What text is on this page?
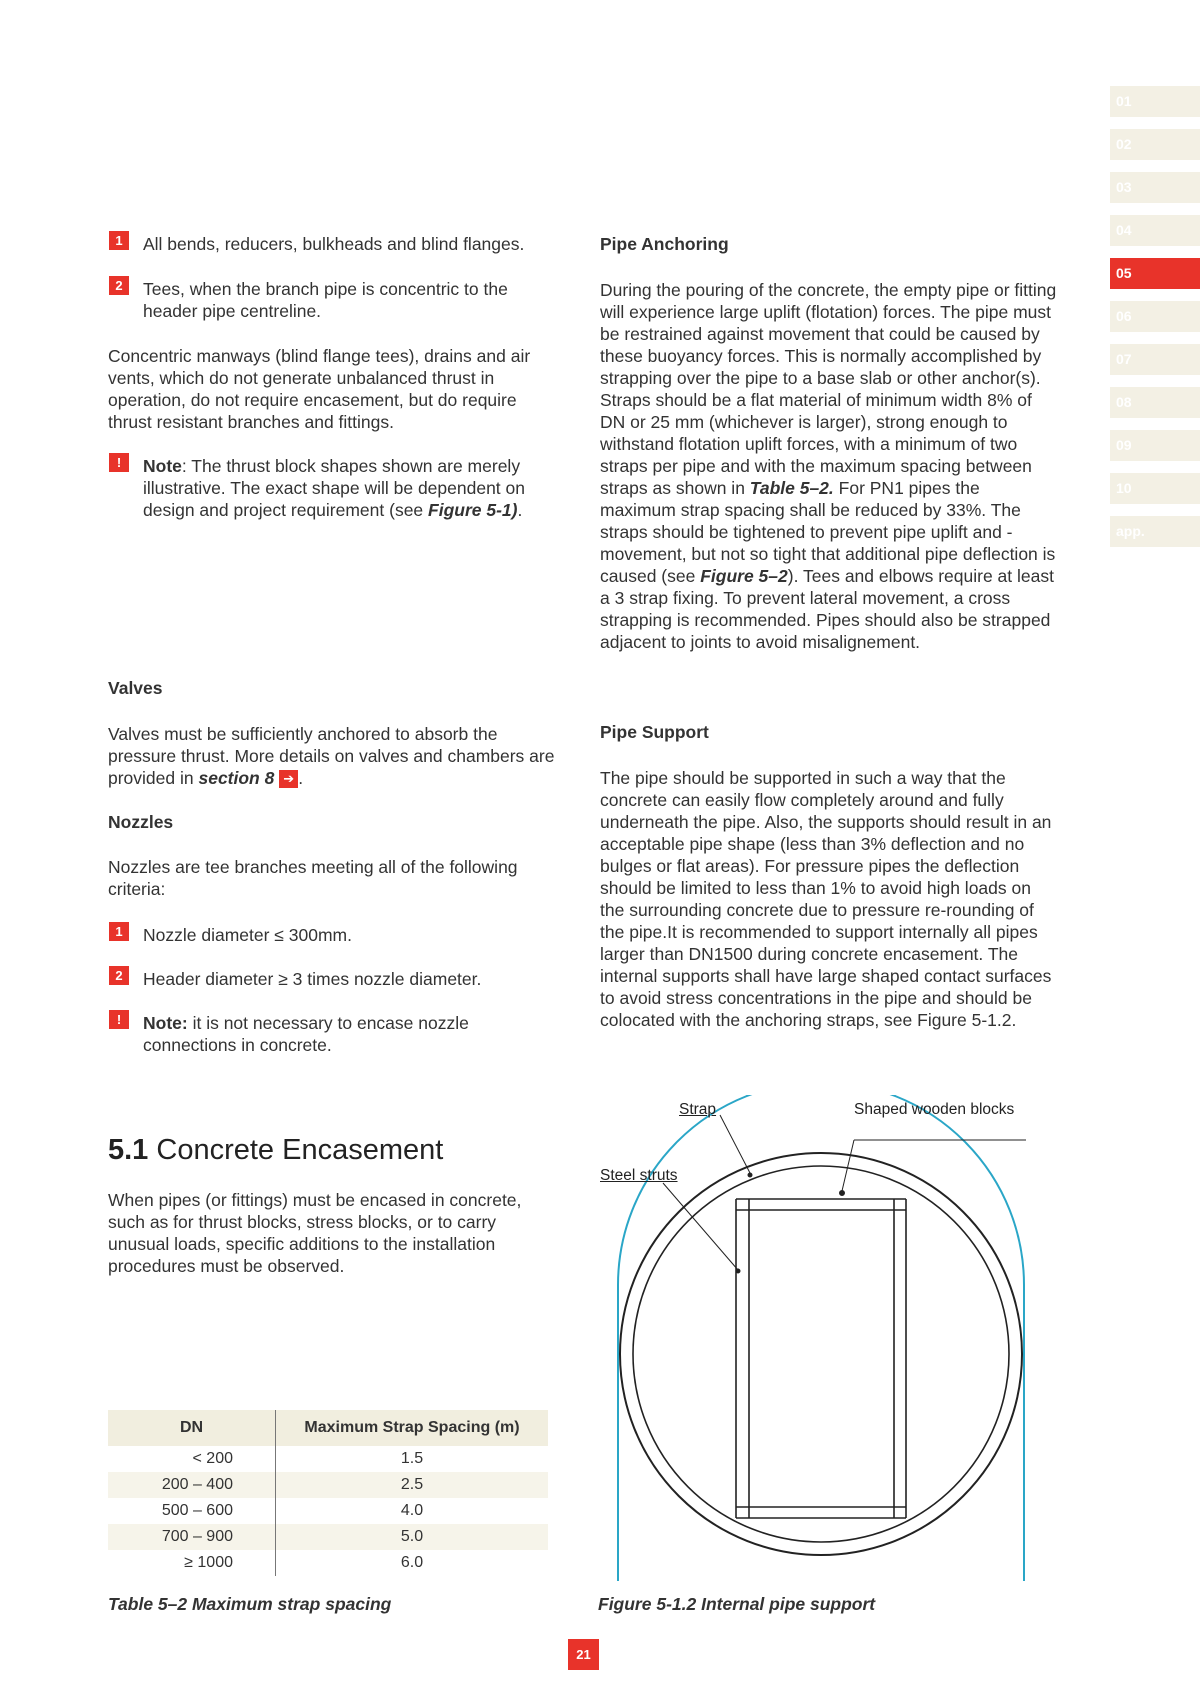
01
02
03
04
05
06
07
08
09
10
app.
1	All bends, reducers, bulkheads and blind flanges.
2	Tees, when the branch pipe is concentric to the header pipe centreline.

Concentric manways (blind flange tees), drains and air vents, which do not generate unbalanced thrust in operation, do not require encasement, but do require thrust resistant branches and fittings.

!	Note: The thrust block shapes shown are merely illustrative. The exact shape will be dependent on design and project requirement (see Figure 5-1).

Valves

Valves must be sufficiently anchored to absorb the pressure thrust. More details on valves and chambers are provided in section 8 ➔ .

Nozzles

Nozzles are tee branches meeting all of the following criteria:

1	Nozzle diameter ≤ 300mm.
2	Header diameter ≥ 3 times nozzle diameter.
!	Note: it is not necessary to encase nozzle connections in concrete.

5.1 Concrete Encasement

When pipes (or fittings) must be encased in concrete, such as for thrust blocks, stress blocks, or to carry unusual loads, specific additions to the installation procedures must be observed.

DN	Maximum Strap Spacing (m)
< 200	1.5
200 – 400	2.5
500 – 600	4.0
700 – 900	5.0
≥ 1000	6.0
Table 5–2 Maximum strap spacing
Pipe Anchoring

During the pouring of the concrete, the empty pipe or fitting will experience large uplift (flotation) forces. The pipe must be restrained against movement that could be caused by these buoyancy forces. This is normally accomplished by strapping over the pipe to a base slab or other anchor(s). Straps should be a flat material of minimum width 8% of DN or 25 mm (whichever is larger), strong enough to withstand flotation uplift forces, with a minimum of two straps per pipe and with the maximum spacing between straps as shown in Table 5–2. For PN1 pipes the maximum strap spacing shall be reduced by 33%. The straps should be tightened to prevent pipe uplift and -movement, but not so tight that additional pipe deflection is caused (see Figure 5–2). Tees and elbows require at least a 3 strap fixing. To prevent lateral movement, a cross strapping is recommended. Pipes should also be strapped adjacent to joints to avoid misalignement.

Pipe Support

The pipe should be supported in such a way that the concrete can easily flow completely around and fully underneath the pipe. Also, the supports should result in an acceptable pipe shape (less than 3% deflection and no bulges or flat areas). For pressure pipes the deflection should be limited to less than 1% to avoid high loads on the surrounding concrete due to pressure re-rounding of the pipe.It is recommended to support internally all pipes larger than DN1500 during concrete encasement. The internal supports shall have large shaped contact surfaces to avoid stress concentrations in the pipe and should be colocated with the anchoring straps, see Figure 5-1.2.

Strap	Shaped wooden blocks
Steel struts
Figure 5-1.2 Internal pipe support
21
